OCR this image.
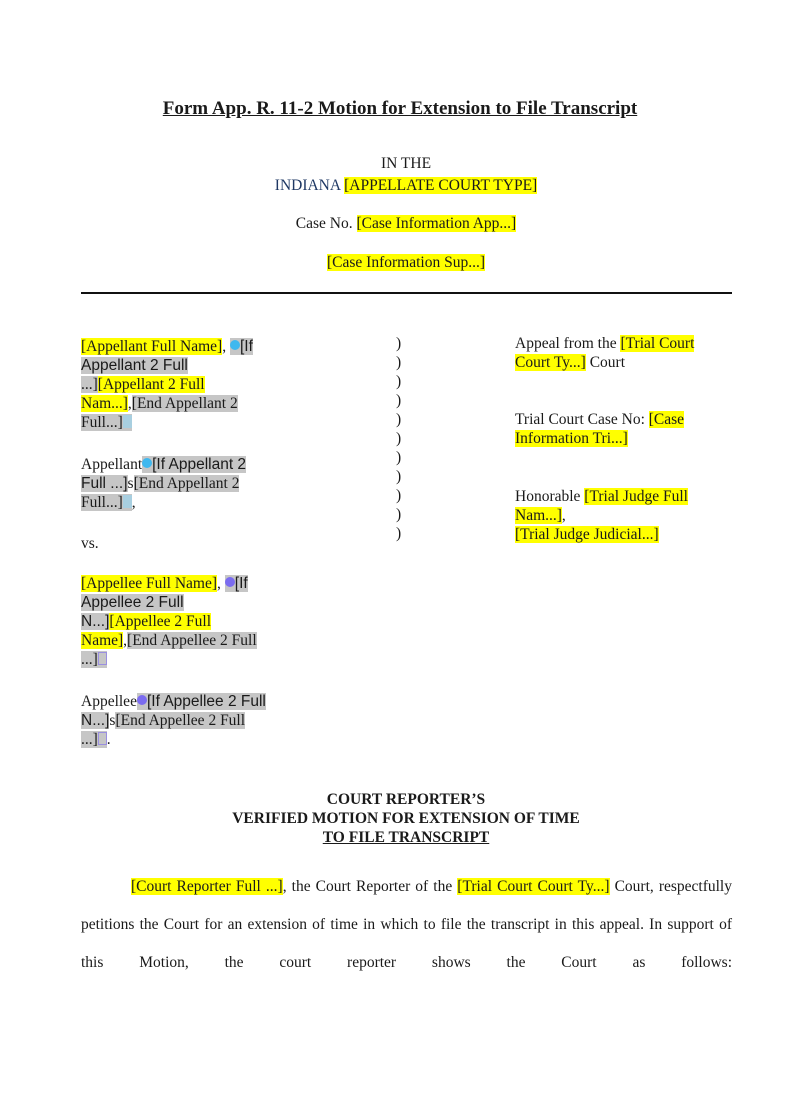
Form App. R. 11-2 Motion for Extension to File Transcript
IN THE
INDIANA [APPELLATE COURT TYPE]
Case No. [Case Information App...]
[Case Information Sup...]
[Appellant Full Name], [If
Appellant 2 Full
...][Appellant 2 Full
Nam...],[End Appellant 2
Full...]
Appellant [If Appellant 2
Full ...]s[End Appellant 2
Full...] ,
vs.
[Appellee Full Name], [If
Appellee 2 Full
N...][Appellee 2 Full
Name],[End Appellee 2 Full
...]
Appellee [If Appellee 2 Full
N...]s[End Appellee 2 Full
...] .
)
)
)
)
)
)
)
)
)
)
)
Appeal from the [Trial Court
Court Ty...] Court
Trial Court Case No: [Case
Information Tri...]
Honorable [Trial Judge Full
Nam...],
[Trial Judge Judicial...]
COURT REPORTER’S
VERIFIED MOTION FOR EXTENSION OF TIME
TO FILE TRANSCRIPT

[Court Reporter Full ...], the Court Reporter of the [Trial Court Court Ty...] Court, respectfully petitions the Court for an extension of time in which to file the transcript in this appeal. In support of this Motion, the court reporter shows the Court as follows:
